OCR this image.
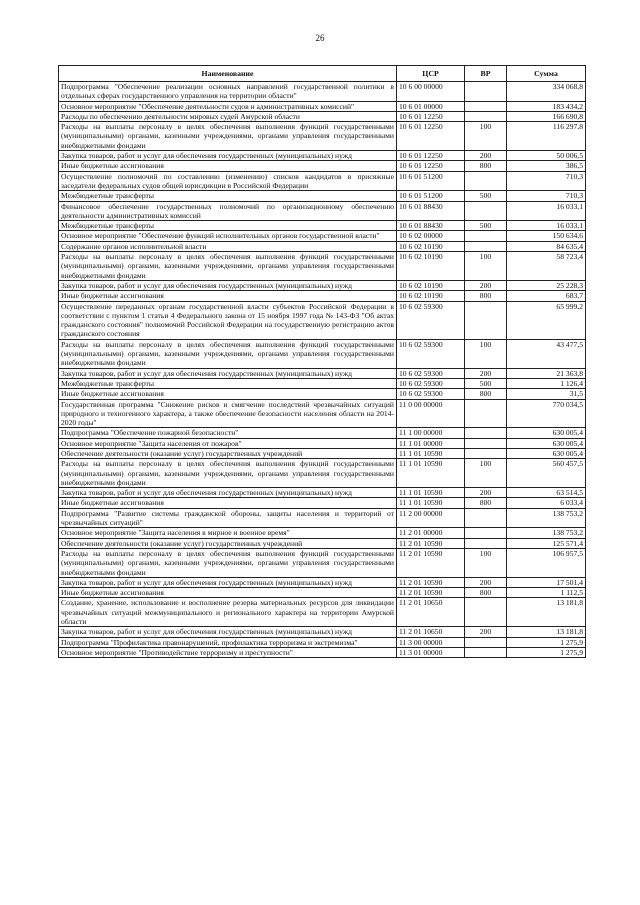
26
Наименование	ЦСР	ВР	Сумма
Подпрограмма "Обеспечение реализации основных направлений государственной политики в отдельных сферах государственного управления на территории области"	10 6 00 00000		334 068,8
Основное мероприятие "Обеспечение деятельности судов и административных комиссий"	10 6 01 00000		183 434,2
Расходы по обеспечению деятельности мировых судей Амурской области	10 6 01 12250		166 690,8
Расходы на выплаты персоналу в целях обеспечения выполнения функций государственными (муниципальными) органами, казенными учреждениями, органами управления государственными внебюджетными фондами	10 6 01 12250	100	116 297,8
Закупка товаров, работ и услуг для обеспечения государственных (муниципальных) нужд	10 6 01 12250	200	50 006,5
Иные бюджетные ассигнования	10 6 01 12250	800	386,5
Осуществление полномочий по составлению (изменению) списков кандидатов в присяжные заседатели федеральных судов общей юрисдикции в Российской Федерации	10 6 01 51200		710,3
Межбюджетные трансферты	10 6 01 51200	500	710,3
Финансовое обеспечение государственных полномочий по организационному обеспечению деятельности административных комиссий	10 6 01 88430		16 033,1
Межбюджетные трансферты	10 6 01 88430	500	16 033,1
Основное мероприятие "Обеспечение функций исполнительных органов государственной власти"	10 6 02 00000		150 634,6
Содержание органов исполнительной власти	10 6 02 10190		84 635,4
Расходы на выплаты персоналу в целях обеспечения выполнения функций государственными (муниципальными) органами, казенными учреждениями, органами управления государственными внебюджетными фондами	10 6 02 10190	100	58 723,4
Закупка товаров, работ и услуг для обеспечения государственных (муниципальных) нужд	10 6 02 10190	200	25 228,3
Иные бюджетные ассигнования	10 6 02 10190	800	683,7
Осуществление переданных органам государственной власти субъектов Российской Федерации в соответствии с пунктом 1 статьи 4 Федерального закона от 15 ноября 1997 года № 143-ФЗ "Об актах гражданского состояния" полномочий Российской Федерации на государственную регистрацию актов гражданского состояния	10 6 02 59300		65 999,2
Расходы на выплаты персоналу в целях обеспечения выполнения функций государственными (муниципальными) органами, казенными учреждениями, органами управления государственными внебюджетными фондами	10 6 02 59300	100	43 477,5
Закупка товаров, работ и услуг для обеспечения государственных (муниципальных) нужд	10 6 02 59300	200	21 363,8
Межбюджетные трансферты	10 6 02 59300	500	1 126,4
Иные бюджетные ассигнования	10 6 02 59300	800	31,5
Государственная программа "Снижение рисков и смягчение последствий чрезвычайных ситуаций природного и техногенного характера, а также обеспечение безопасности населения области на 2014-2020 годы"	11 0 00 00000		770 034,5
Подпрограмма "Обеспечение пожарной безопасности"	11 1 00 00000		630 005,4
Основное мероприятие "Защита населения от пожаров"	11 1 01 00000		630 005,4
Обеспечение деятельности (оказание услуг) государственных учреждений	11 1 01 10590		630 005,4
Расходы на выплаты персоналу в целях обеспечения выполнения функций государственными (муниципальными) органами, казенными учреждениями, органами управления государственными внебюджетными фондами	11 1 01 10590	100	560 457,5
Закупка товаров, работ и услуг для обеспечения государственных (муниципальных) нужд	11 1 01 10590	200	63 514,5
Иные бюджетные ассигнования	11 1 01 10590	800	6 033,4
Подпрограмма "Развитие системы гражданской обороны, защиты населения и территорий от чрезвычайных ситуаций"	11 2 00 00000		138 753,2
Основное мероприятие "Защита населения в мирное и военное время"	11 2 01 00000		138 753,2
Обеспечение деятельности (оказание услуг) государственных учреждений	11 2 01 10590		125 571,4
Расходы на выплаты персоналу в целях обеспечения выполнения функций государственными (муниципальными) органами, казенными учреждениями, органами управления государственными внебюджетными фондами	11 2 01 10590	100	106 957,5
Закупка товаров, работ и услуг для обеспечения государственных (муниципальных) нужд	11 2 01 10590	200	17 501,4
Иные бюджетные ассигнования	11 2 01 10590	800	1 112,5
Создание, хранение, использование и восполнение резерва материальных ресурсов для ликвидации чрезвычайных ситуаций межмуниципального и регионального характера на территории Амурской области	11 2 01 10650		13 181,8
Закупка товаров, работ и услуг для обеспечения государственных (муниципальных) нужд	11 2 01 10650	200	13 181,8
Подпрограмма "Профилактика правонарушений, профилактика терроризма и экстремизма"	11 3 00 00000		1 275,9
Основное мероприятие "Противодействие терроризму и преступности"	11 3 01 00000		1 275,9
